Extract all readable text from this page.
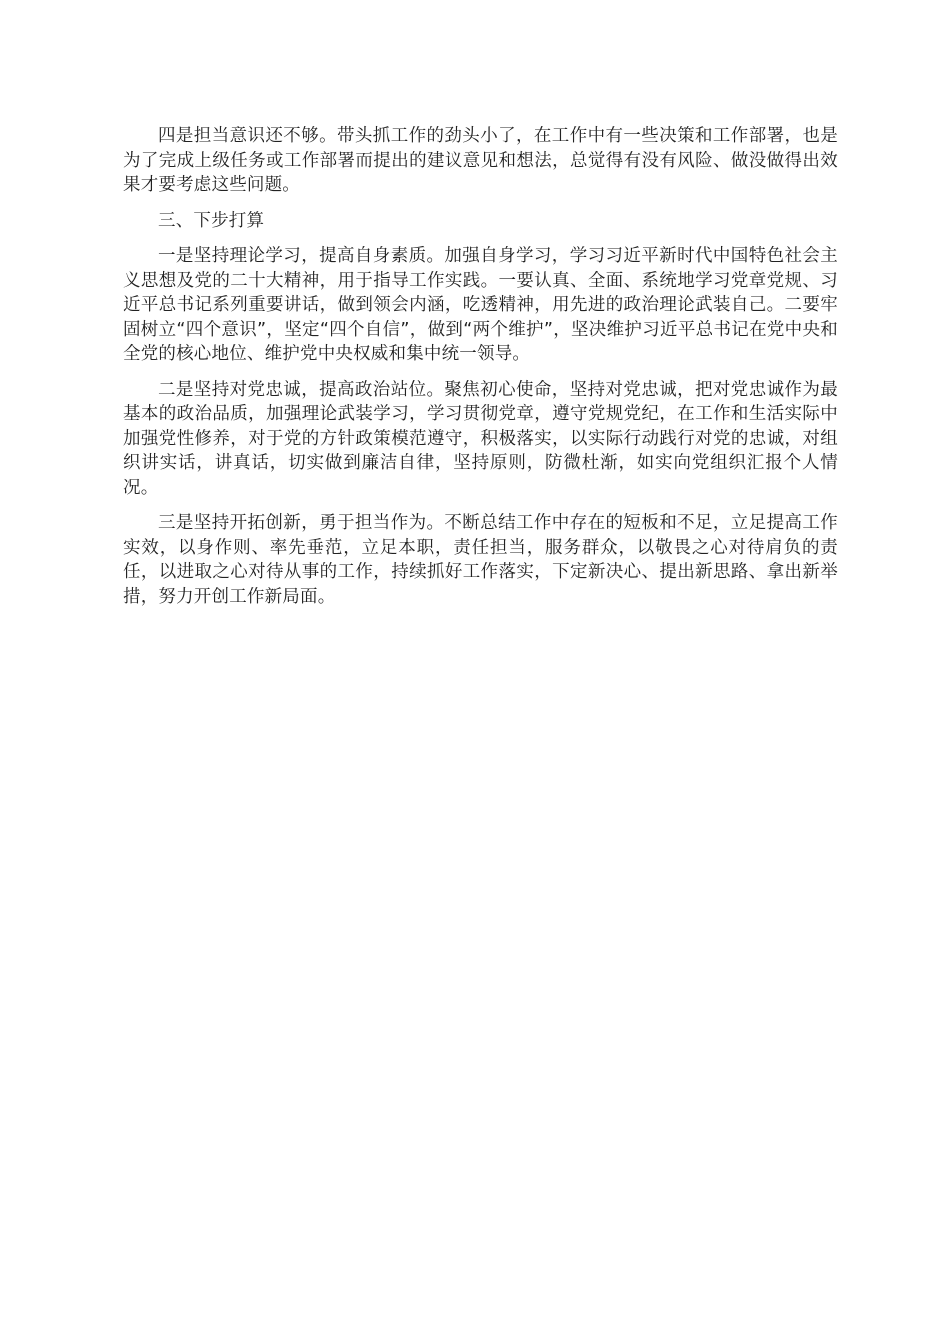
四是担当意识还不够。带头抓工作的劲头小了，在工作中有一些决策和工作部署，也是为了完成上级任务或工作部署而提出的建议意见和想法，总觉得有没有风险、做没做得出效果才要考虑这些问题。

三、下步打算

一是坚持理论学习，提高自身素质。加强自身学习，学习习近平新时代中国特色社会主义思想及党的二十大精神，用于指导工作实践。一要认真、全面、系统地学习党章党规、习近平总书记系列重要讲话，做到领会内涵，吃透精神，用先进的政治理论武装自己。二要牢固树立“四个意识”，坚定“四个自信”，做到“两个维护”，坚决维护习近平总书记在党中央和全党的核心地位、维护党中央权威和集中统一领导。

二是坚持对党忠诚，提高政治站位。聚焦初心使命，坚持对党忠诚，把对党忠诚作为最基本的政治品质，加强理论武装学习，学习贯彻党章，遵守党规党纪，在工作和生活实际中加强党性修养，对于党的方针政策模范遵守，积极落实，以实际行动践行对党的忠诚，对组织讲实话，讲真话，切实做到廉洁自律，坚持原则，防微杜渐，如实向党组织汇报个人情况。

三是坚持开拓创新，勇于担当作为。不断总结工作中存在的短板和不足，立足提高工作实效，以身作则、率先垂范，立足本职，责任担当，服务群众，以敬畏之心对待肩负的责任，以进取之心对待从事的工作，持续抓好工作落实，下定新决心、提出新思路、拿出新举措，努力开创工作新局面。
